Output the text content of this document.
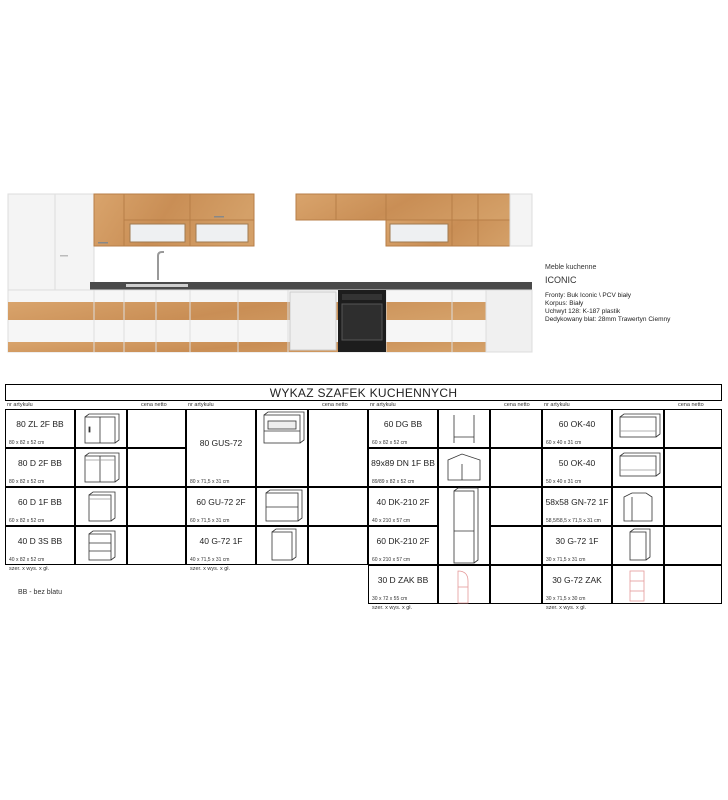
Meble kuchenne
ICONIC
Fronty: Buk Iconic \ PCV biały
Korpus: Biały
Uchwyt 128: K-187 plastik
Dedykowany blat: 28mm Trawertyn Ciemny
WYKAZ SZAFEK KUCHENNYCH
nr artykułu	cena netto
80 ZL 2F BB
80 x 82 x 52 cm
80 D 2F BB
80 x 82 x 52 cm
60 D 1F BB
60 x 82 x 52 cm
40 D 3S BB
40 x 82 x 52 cm
szer. x wys. x gł.
nr artykułu	cena netto
80 GUS-72
80 x 71,5 x 31 cm
60 GU-72 2F
60 x 71,5 x 31 cm
40 G-72 1F
40 x 71,5 x 31 cm
szer. x wys. x gł.
nr artykułu	cena netto
60 DG BB
60 x 82 x 52 cm
89x89 DN 1F BB
89/89 x 82 x 52 cm
40 DK-210 2F
40 x 210 x 57 cm
60 DK-210 2F
60 x 210 x 57 cm
30 D ZAK BB
30 x 72 x 55 cm
szer. x wys. x gł.
nr artykułu	cena netto
60 OK-40
60 x 40 x 31 cm
50 OK-40
50 x 40 x 31 cm
58x58 GN-72 1F
58,5/58,5 x 71,5 x 31 cm
30 G-72 1F
30 x 71,5 x 31 cm
30 G-72 ZAK
30 x 71,5 x 30 cm
szer. x wys. x gł.
BB - bez blatu
